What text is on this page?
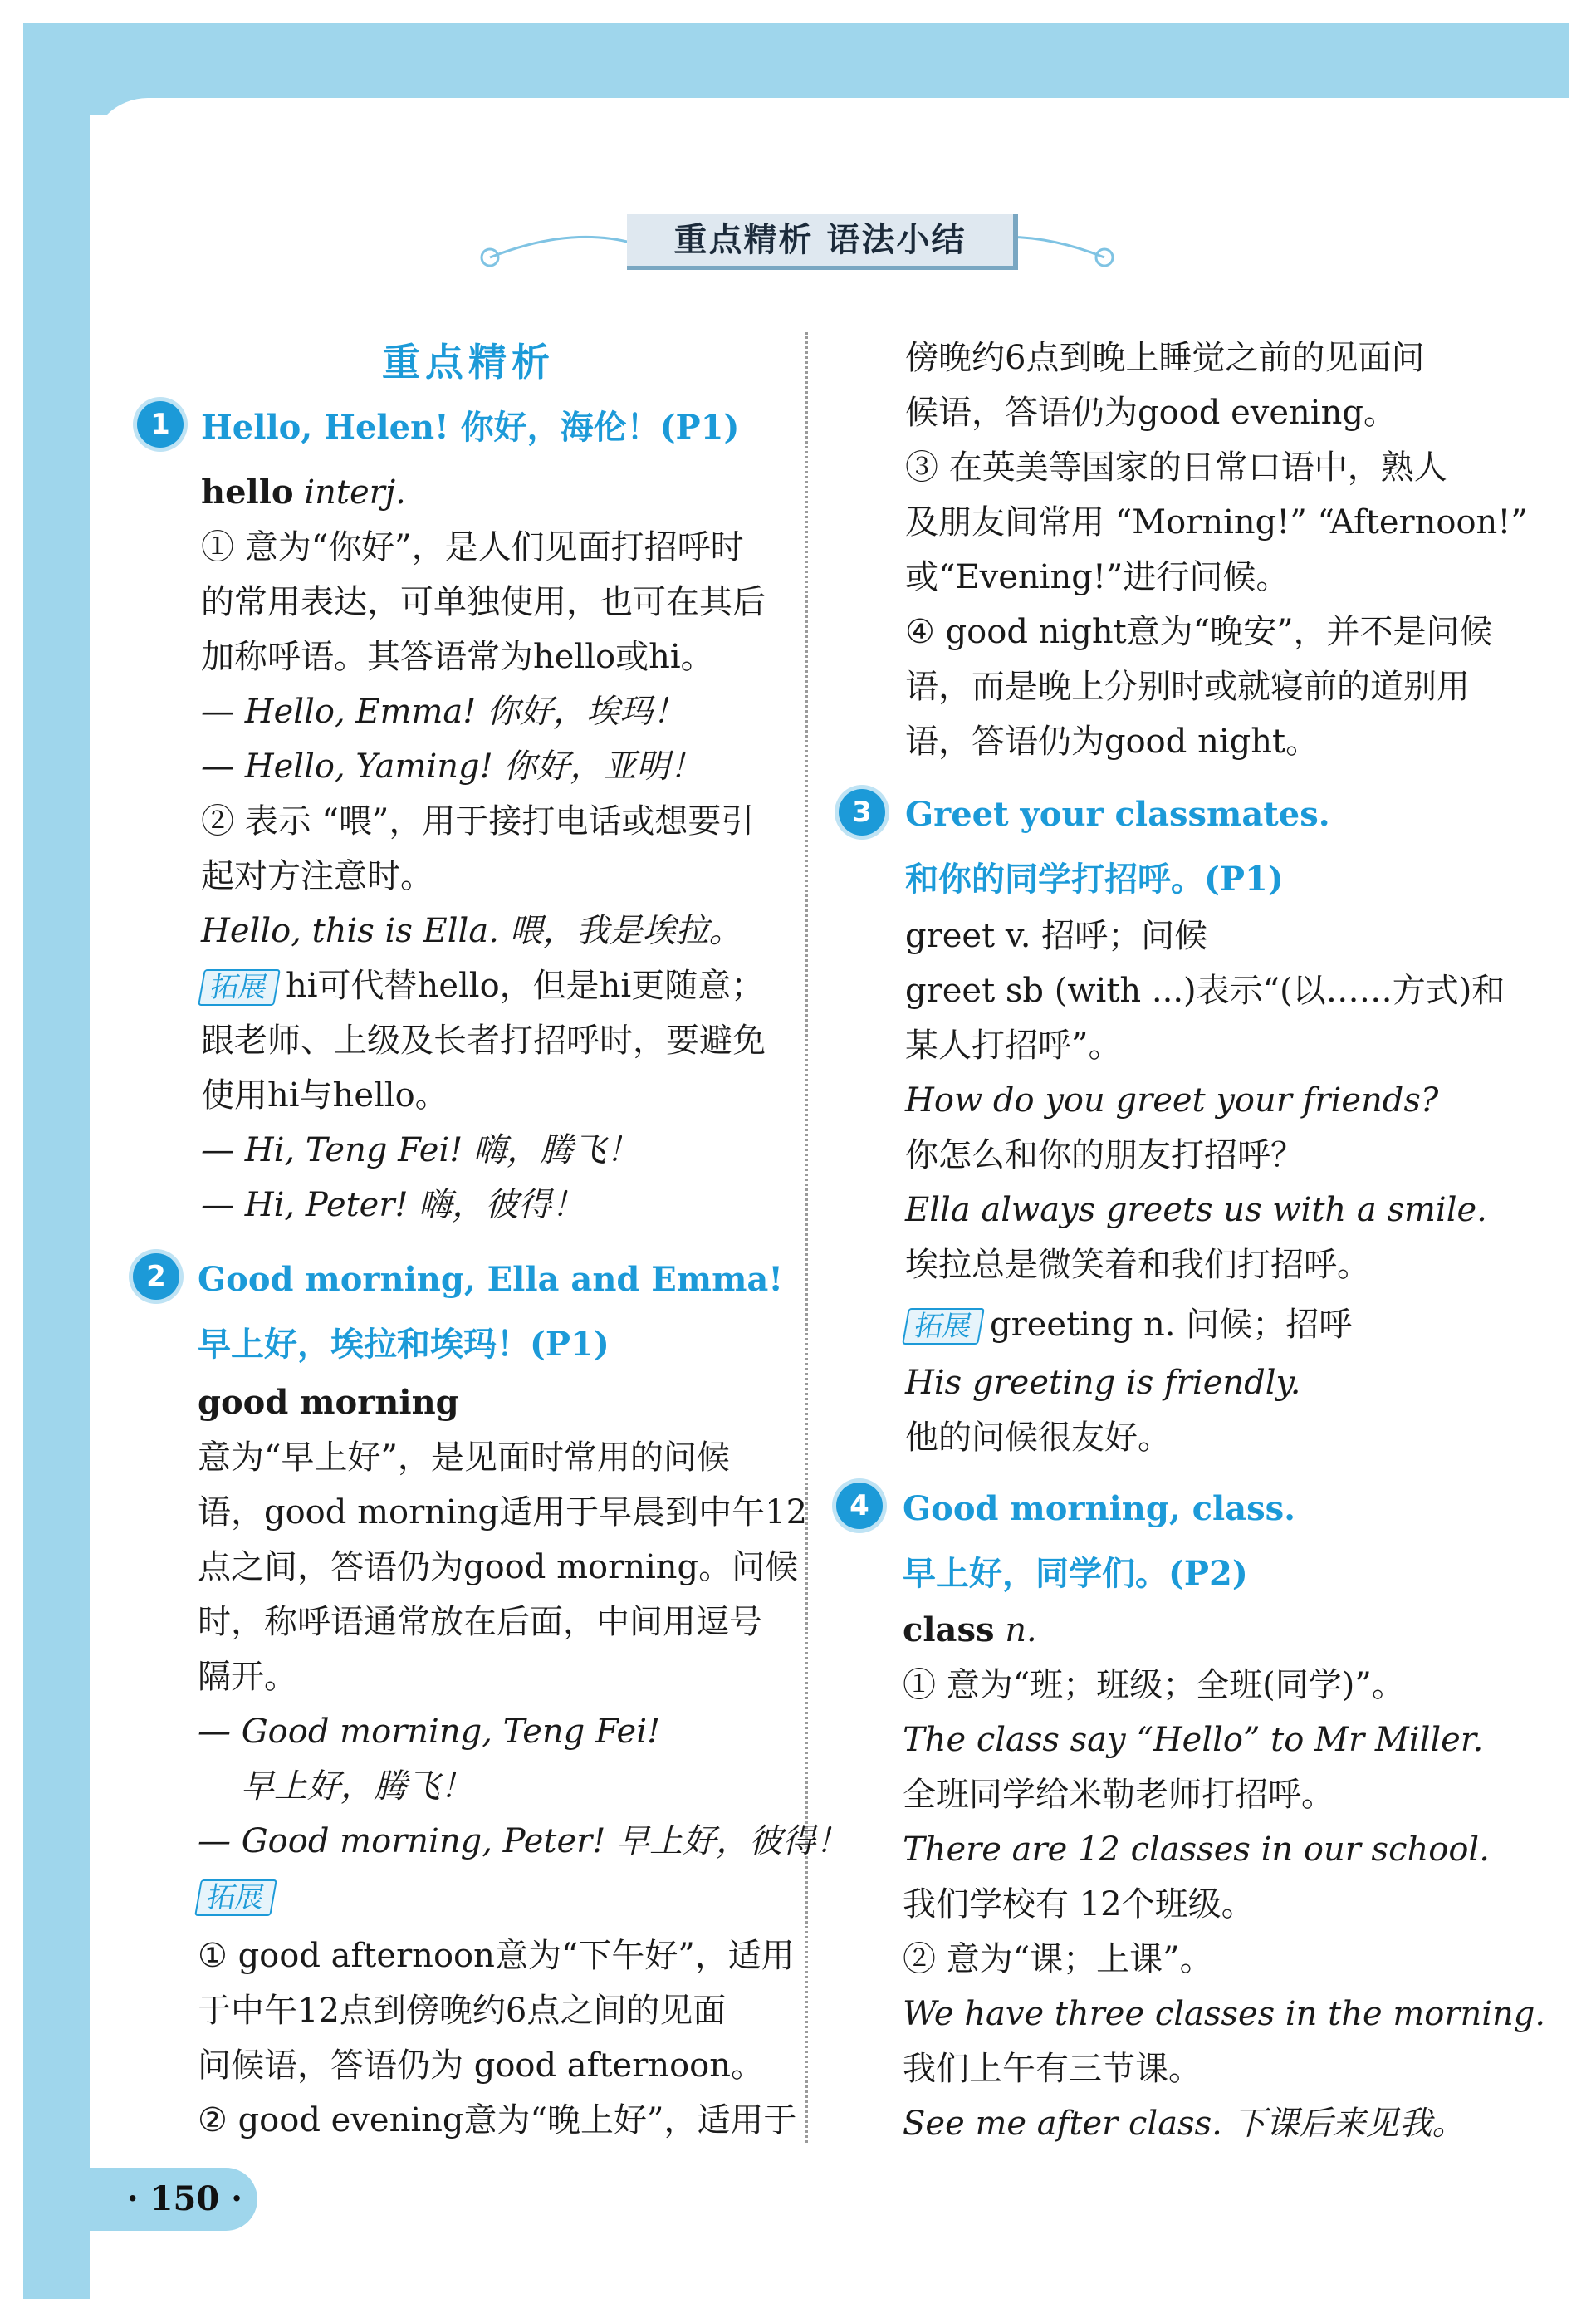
重点精析 语法小结
重点精析
1 Hello, Helen! 你好，海伦！(P1)
hello interj.
① 意为“你好”，是人们见面打招呼时
的常用表达，可单独使用，也可在其后
加称呼语。其答语常为hello或hi。
— Hello, Emma! 你好，埃玛！
— Hello, Yaming! 你好，亚明！
② 表示 “喂”，用于接打电话或想要引
起对方注意时。
Hello, this is Ella. 喂，我是埃拉。
拓展 hi可代替hello，但是hi更随意；
跟老师、上级及长者打招呼时，要避免
使用hi与hello。
— Hi, Teng Fei! 嗨，腾飞！
— Hi, Peter! 嗨，彼得！
2 Good morning, Ella and Emma!
早上好，埃拉和埃玛！(P1)
good morning
意为“早上好”，是见面时常用的问候
语，good morning适用于早晨到中午12
点之间，答语仍为good morning。问候
时，称呼语通常放在后面，中间用逗号
隔开。
— Good morning, Teng Fei!
早上好，腾飞！
— Good morning, Peter! 早上好，彼得！
拓展
① good afternoon意为“下午好”，适用
于中午12点到傍晚约6点之间的见面
问候语，答语仍为 good afternoon。
② good evening意为“晚上好”，适用于
傍晚约6点到晚上睡觉之前的见面问
候语，答语仍为good evening。
③ 在英美等国家的日常口语中，熟人
及朋友间常用 “Morning!” “Afternoon!”
或“Evening!”进行问候。
④ good night意为“晚安”，并不是问候
语，而是晚上分别时或就寝前的道别用
语，答语仍为good night。
3	Greet your classmates.
和你的同学打招呼。(P1)
greet v. 招呼；问候
greet sb (with ...)表示“(以……方式)和
某人打招呼”。
How do you greet your friends?
你怎么和你的朋友打招呼？
Ella always greets us with a smile.
埃拉总是微笑着和我们打招呼。
拓展 greeting n. 问候；招呼
His greeting is friendly.
他的问候很友好。
4	Good morning, class.
早上好，同学们。(P2)
class n.
① 意为“班；班级；全班(同学)”。
The class say “Hello” to Mr Miller.
全班同学给米勒老师打招呼。
There are 12 classes in our school.
我们学校有 12个班级。
② 意为“课；上课”。
We have three classes in the morning.
我们上午有三节课。
See me after class. 下课后来见我。
· 150 ·
